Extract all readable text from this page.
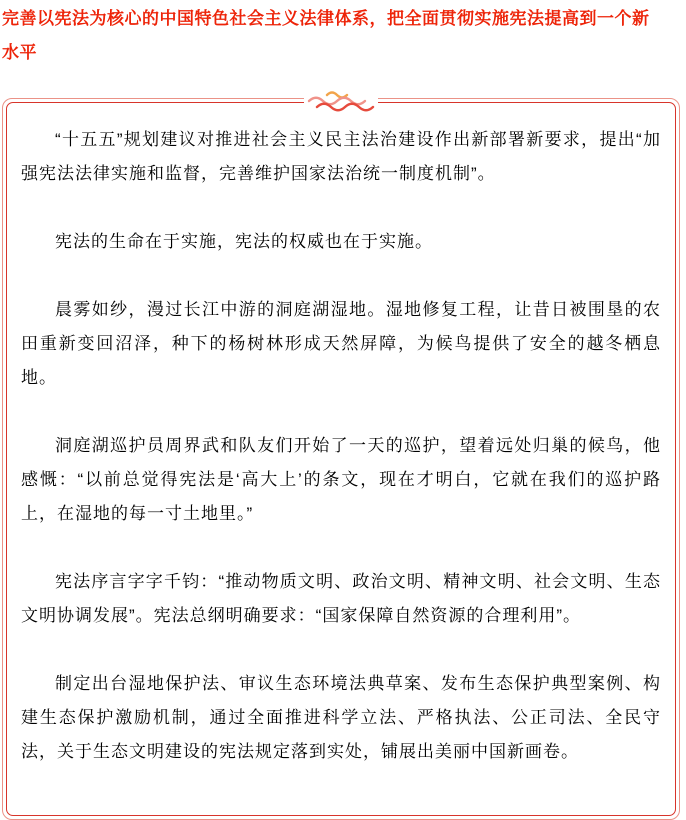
完善以宪法为核心的中国特色社会主义法律体系，把全面贯彻实施宪法提高到一个新水平

“十五五”规划建议对推进社会主义民主法治建设作出新部署新要求，提出“加强宪法法律实施和监督，完善维护国家法治统一制度机制”。

宪法的生命在于实施，宪法的权威也在于实施。

晨雾如纱，漫过长江中游的洞庭湖湿地。湿地修复工程，让昔日被围垦的农田重新变回沼泽，种下的杨树林形成天然屏障，为候鸟提供了安全的越冬栖息地。

洞庭湖巡护员周界武和队友们开始了一天的巡护，望着远处归巢的候鸟，他感慨：“以前总觉得宪法是‘高大上’的条文，现在才明白，它就在我们的巡护路上，在湿地的每一寸土地里。”

宪法序言字字千钧：“推动物质文明、政治文明、精神文明、社会文明、生态文明协调发展”。宪法总纲明确要求：“国家保障自然资源的合理利用”。

制定出台湿地保护法、审议生态环境法典草案、发布生态保护典型案例、构建生态保护激励机制，通过全面推进科学立法、严格执法、公正司法、全民守法，关于生态文明建设的宪法规定落到实处，铺展出美丽中国新画卷。
